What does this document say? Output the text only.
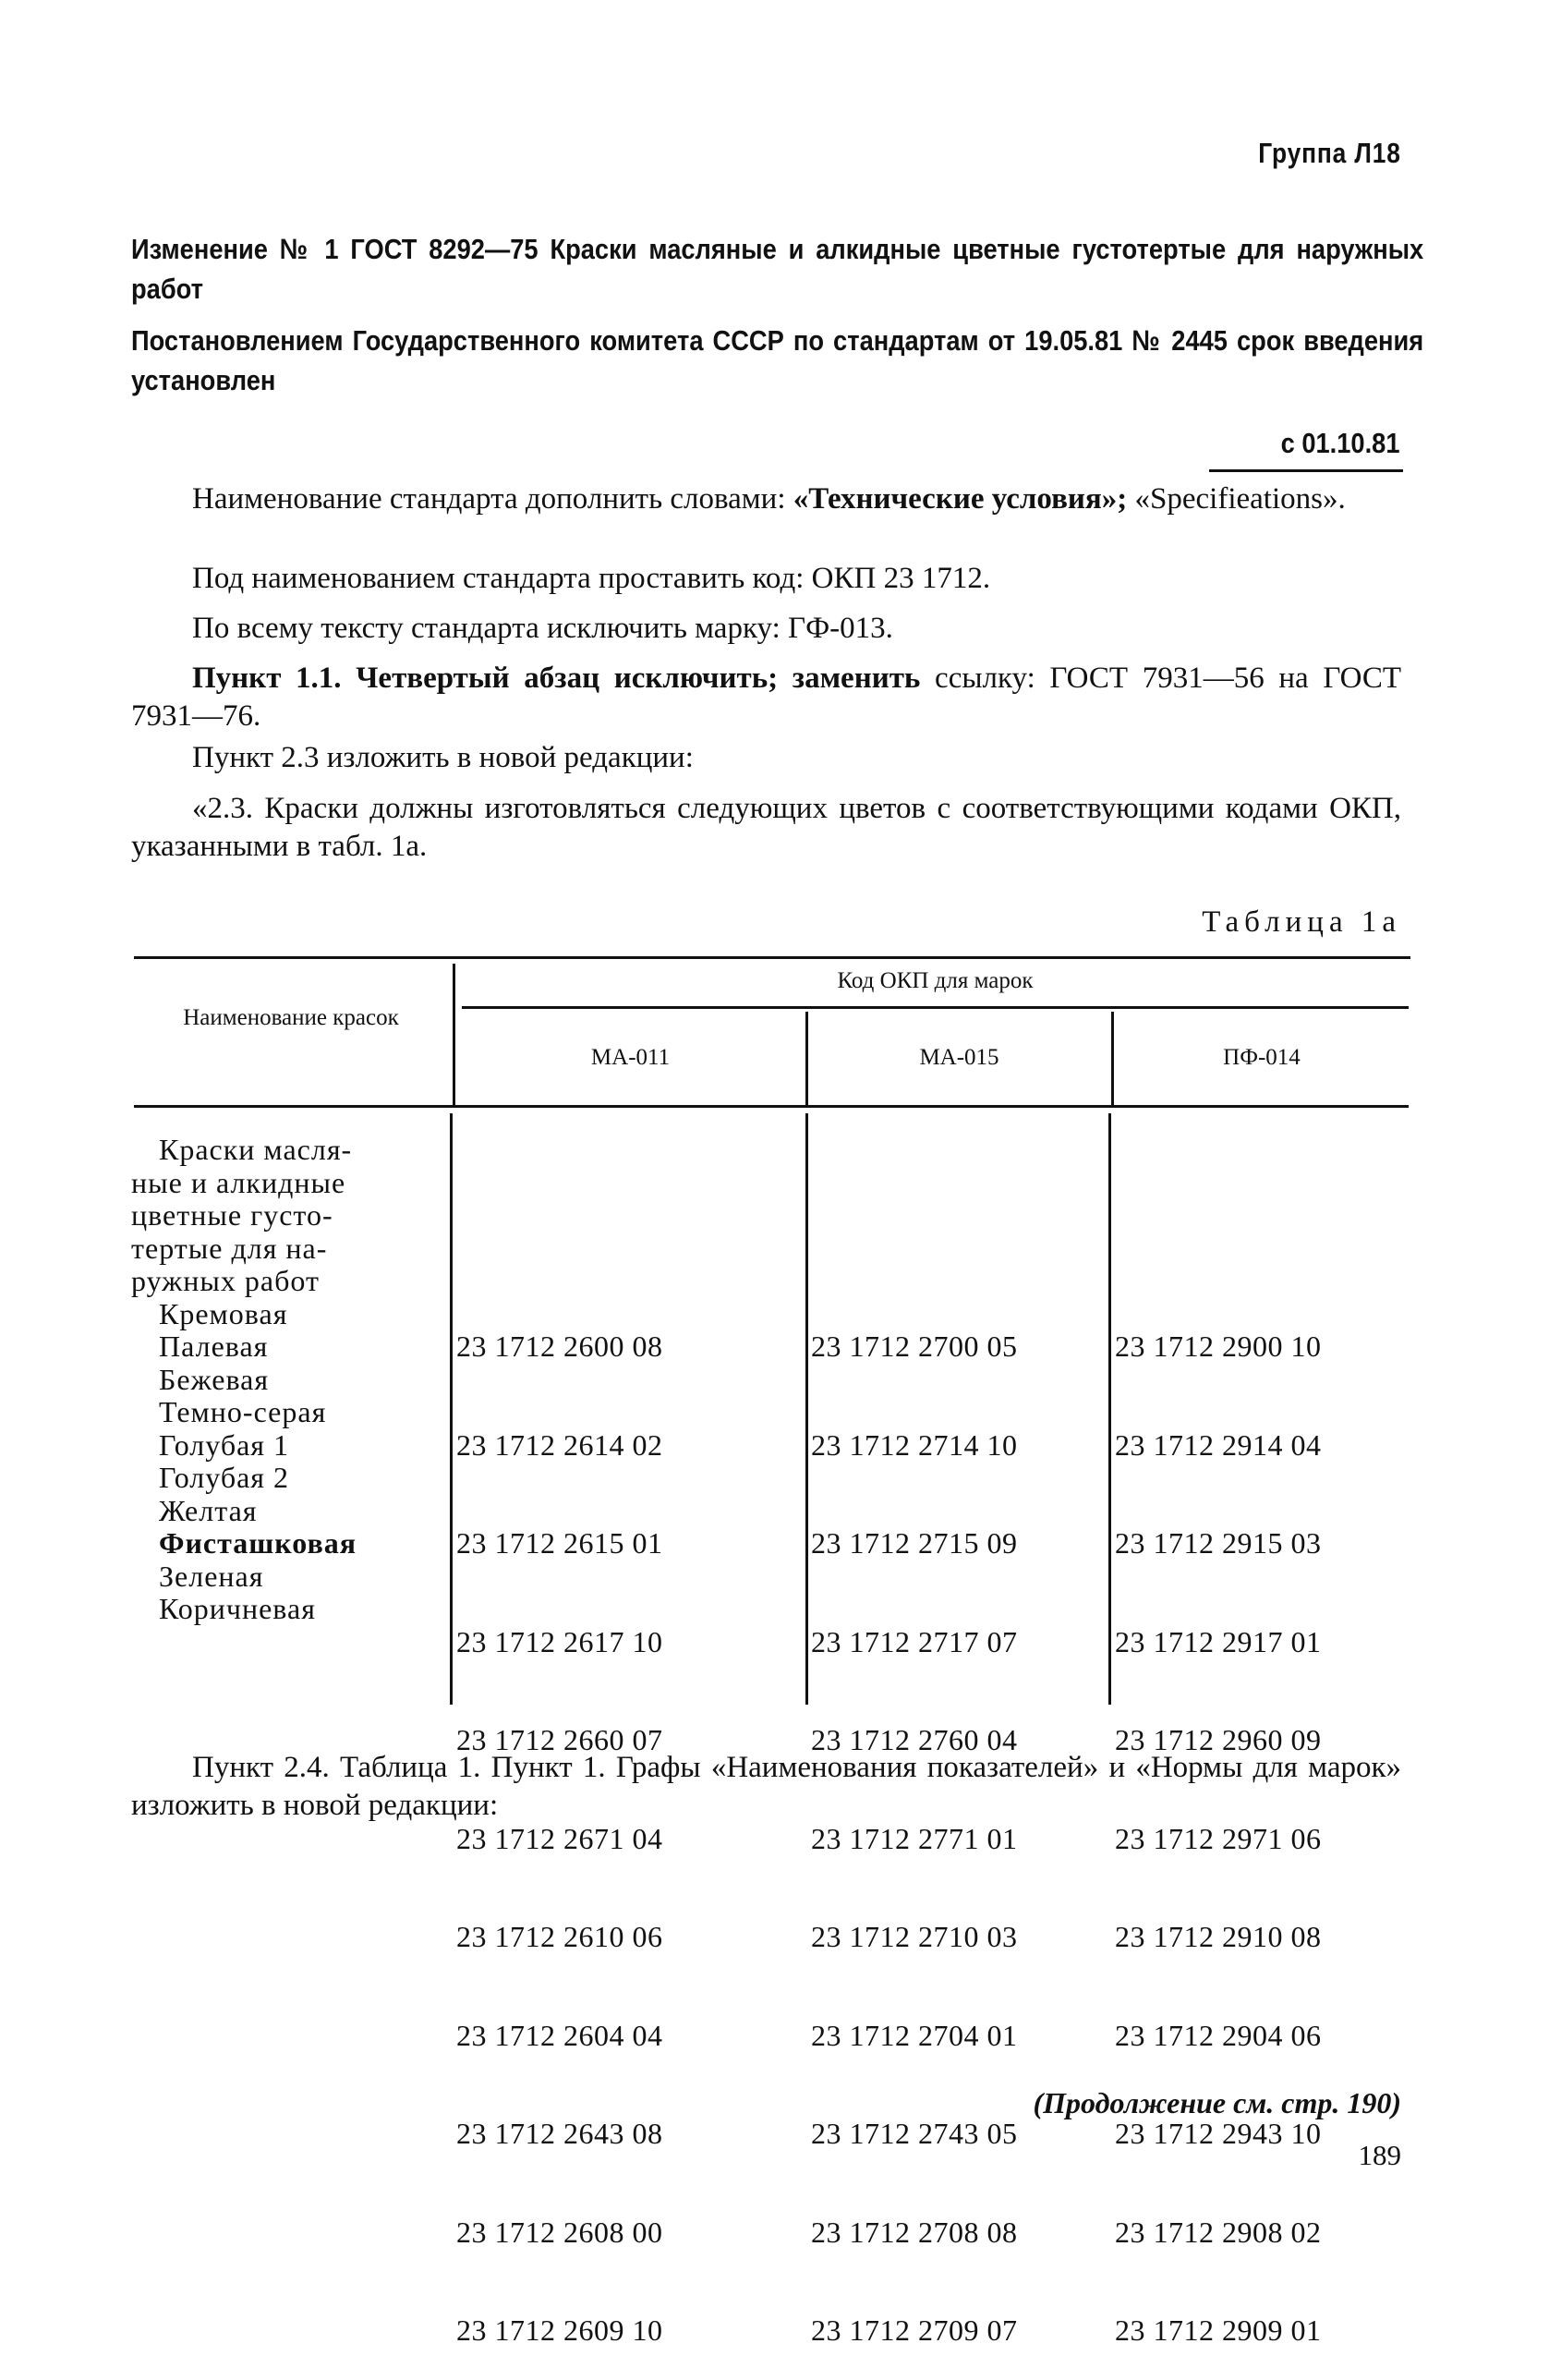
Группа Л18
Изменение № 1 ГОСТ 8292—75 Краски масляные и алкидные цветные густотертые для наружных работ
Постановлением Государственного комитета СССР по стандартам от 19.05.81 № 2445 срок введения установлен
с 01.10.81
Наименование стандарта дополнить словами: «Технические условия»; «Specifieations».
Под наименованием стандарта проставить код: ОКП 23 1712.
По всему тексту стандарта исключить марку: ГФ-013.
Пункт 1.1. Четвертый абзац исключить; заменить ссылку: ГОСТ 7931—56 на ГОСТ 7931—76.
Пункт 2.3 изложить в новой редакции:
«2.3. Краски должны изготовляться следующих цветов с соответствующими кодами ОКП, указанными в табл. 1а.
Таблица 1а
Наименование красок
Код ОКП для марок
МА-011	МА-015	ПФ-014
Краски масля-
ные и алкидные
цветные густо-
тертые для на-
ружных работ
Кремовая
Палевая
Бежевая
Темно-серая
Голубая 1
Голубая 2
Желтая
Фисташковая
Зеленая
Коричневая

23 1712 2600 08

23 1712 2614 02

23 1712 2615 01

23 1712 2617 10

23 1712 2660 07

23 1712 2671 04

23 1712 2610 06

23 1712 2604 04

23 1712 2643 08

23 1712 2608 00

23 1712 2609 10

23 1712 2700 05

23 1712 2714 10

23 1712 2715 09

23 1712 2717 07

23 1712 2760 04

23 1712 2771 01

23 1712 2710 03

23 1712 2704 01

23 1712 2743 05

23 1712 2708 08

23 1712 2709 07

23 1712 2900 10

23 1712 2914 04

23 1712 2915 03

23 1712 2917 01

23 1712 2960 09

23 1712 2971 06

23 1712 2910 08

23 1712 2904 06

23 1712 2943 10

23 1712 2908 02

23 1712 2909 01

Пункт 2.4. Таблица 1. Пункт 1. Графы «Наименования показателей» и «Нормы для марок» изложить в новой редакции:
(Продолжение см. стр. 190)
189
